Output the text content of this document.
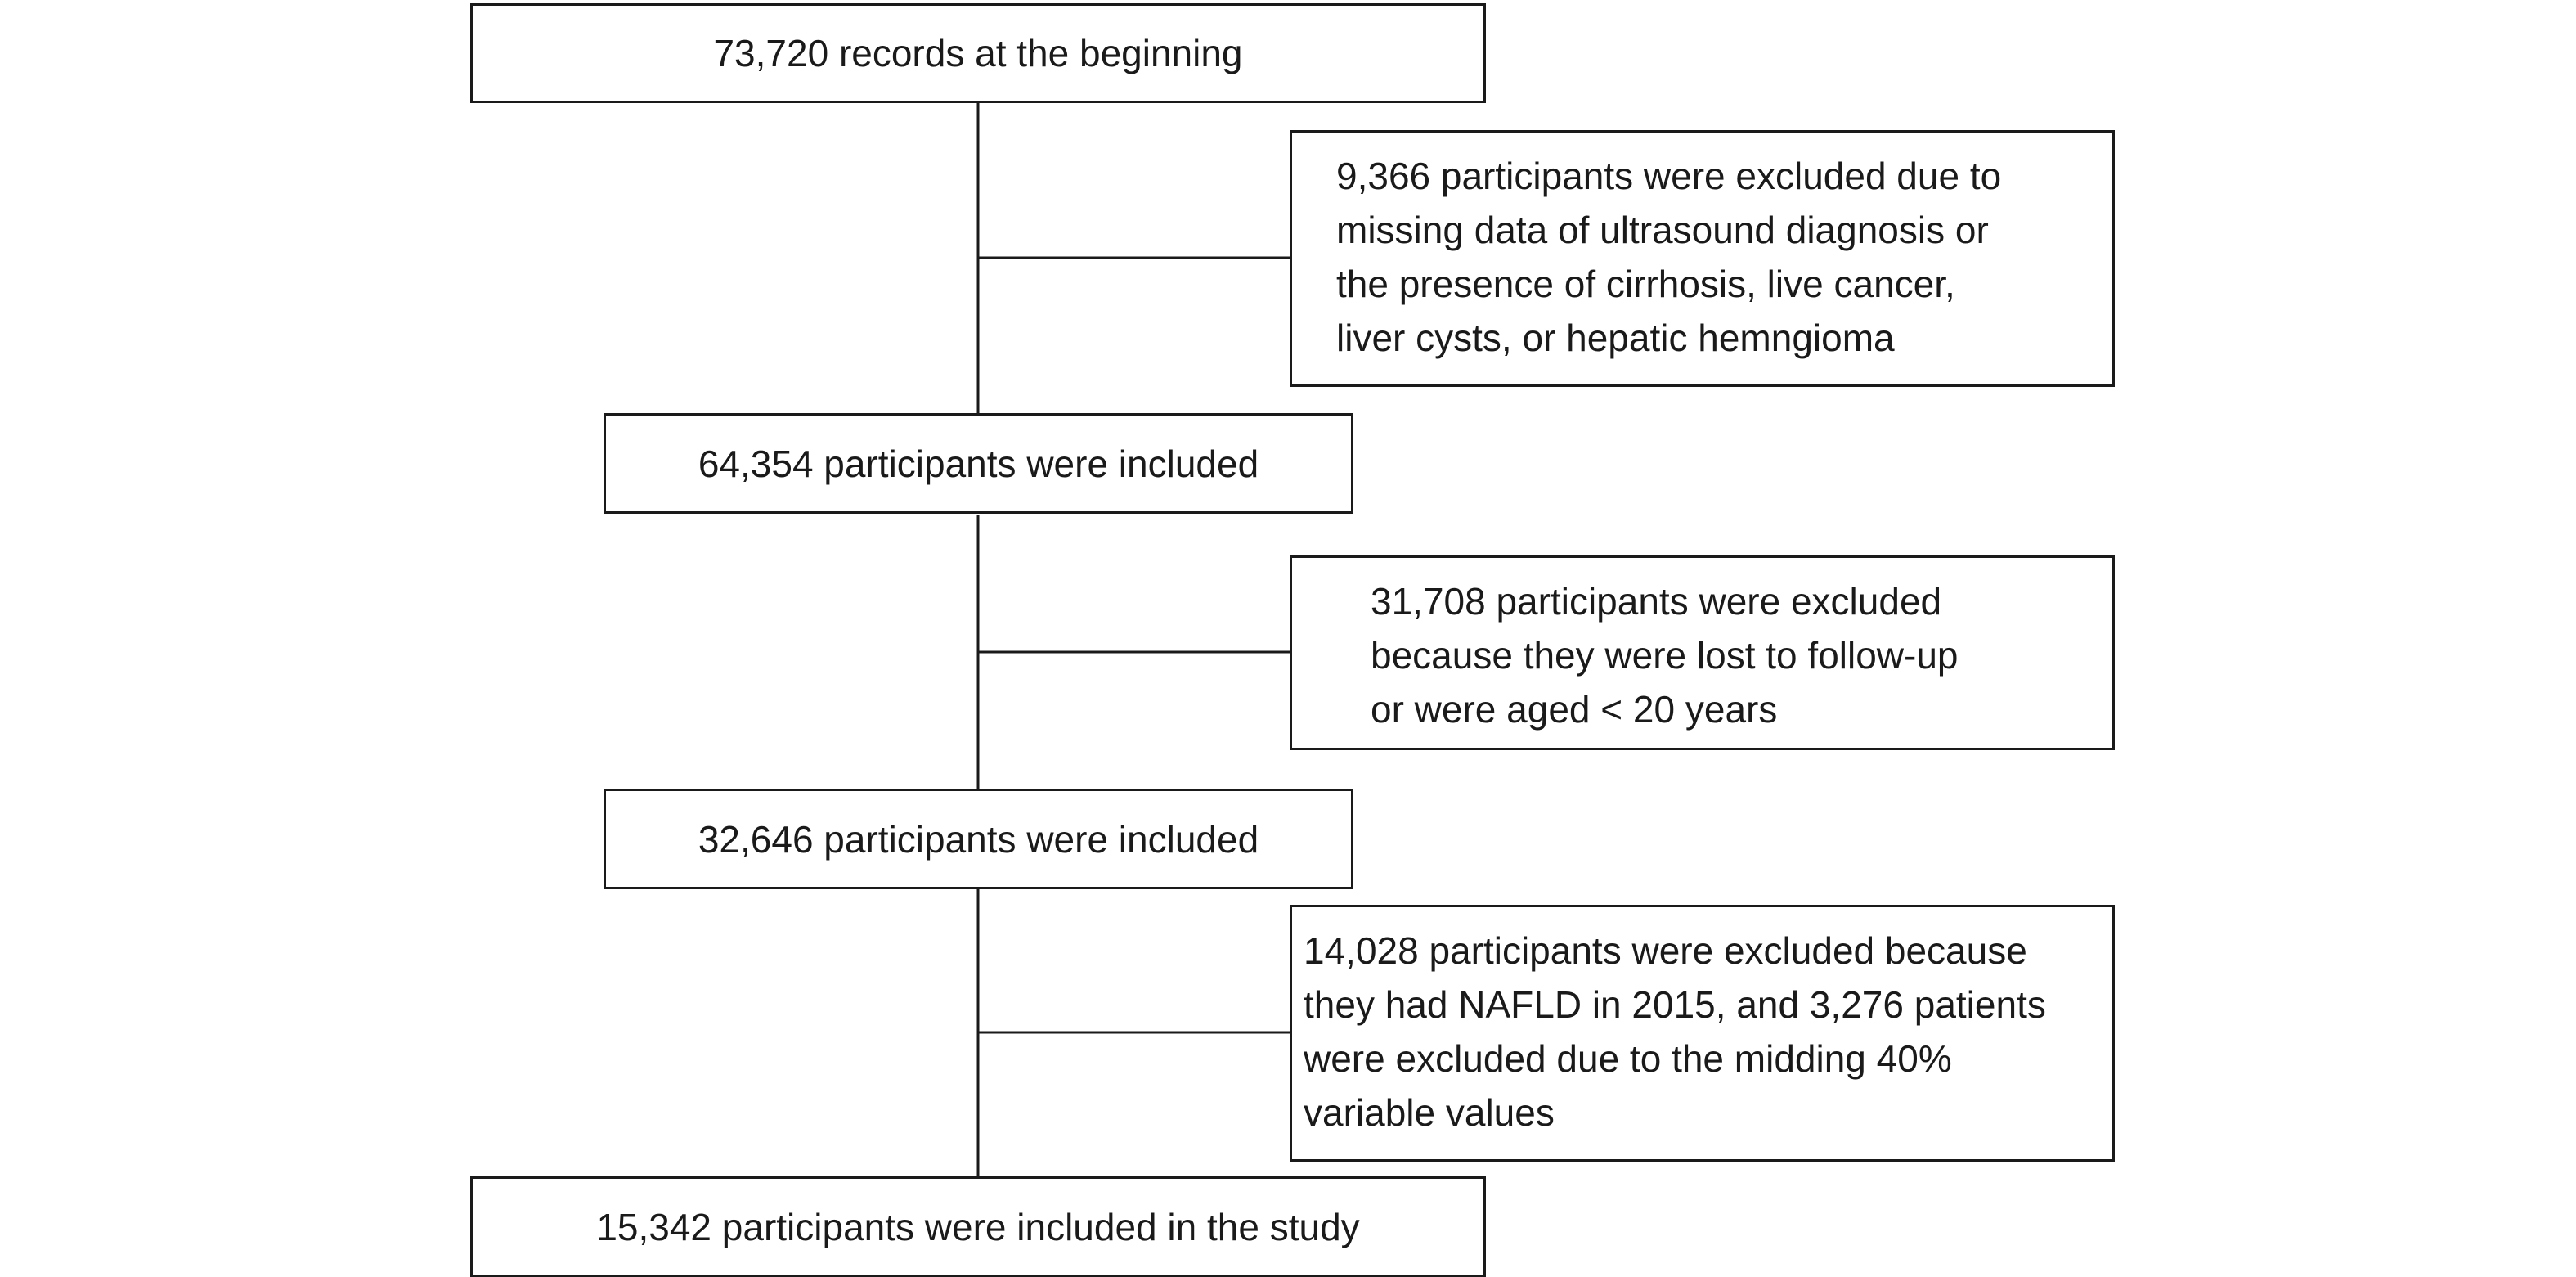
73,720 records at the beginning
64,354 participants were included
32,646 participants were included
15,342 participants were included in the study
9,366 participants were excluded due to
missing data of ultrasound diagnosis or
the presence of cirrhosis, live cancer,
liver cysts, or hepatic hemngioma
31,708 participants were excluded
because they were lost to follow-up
or were aged < 20 years
14,028 participants were excluded because
they had NAFLD in 2015, and 3,276 patients
were excluded due to the midding 40%
variable values
